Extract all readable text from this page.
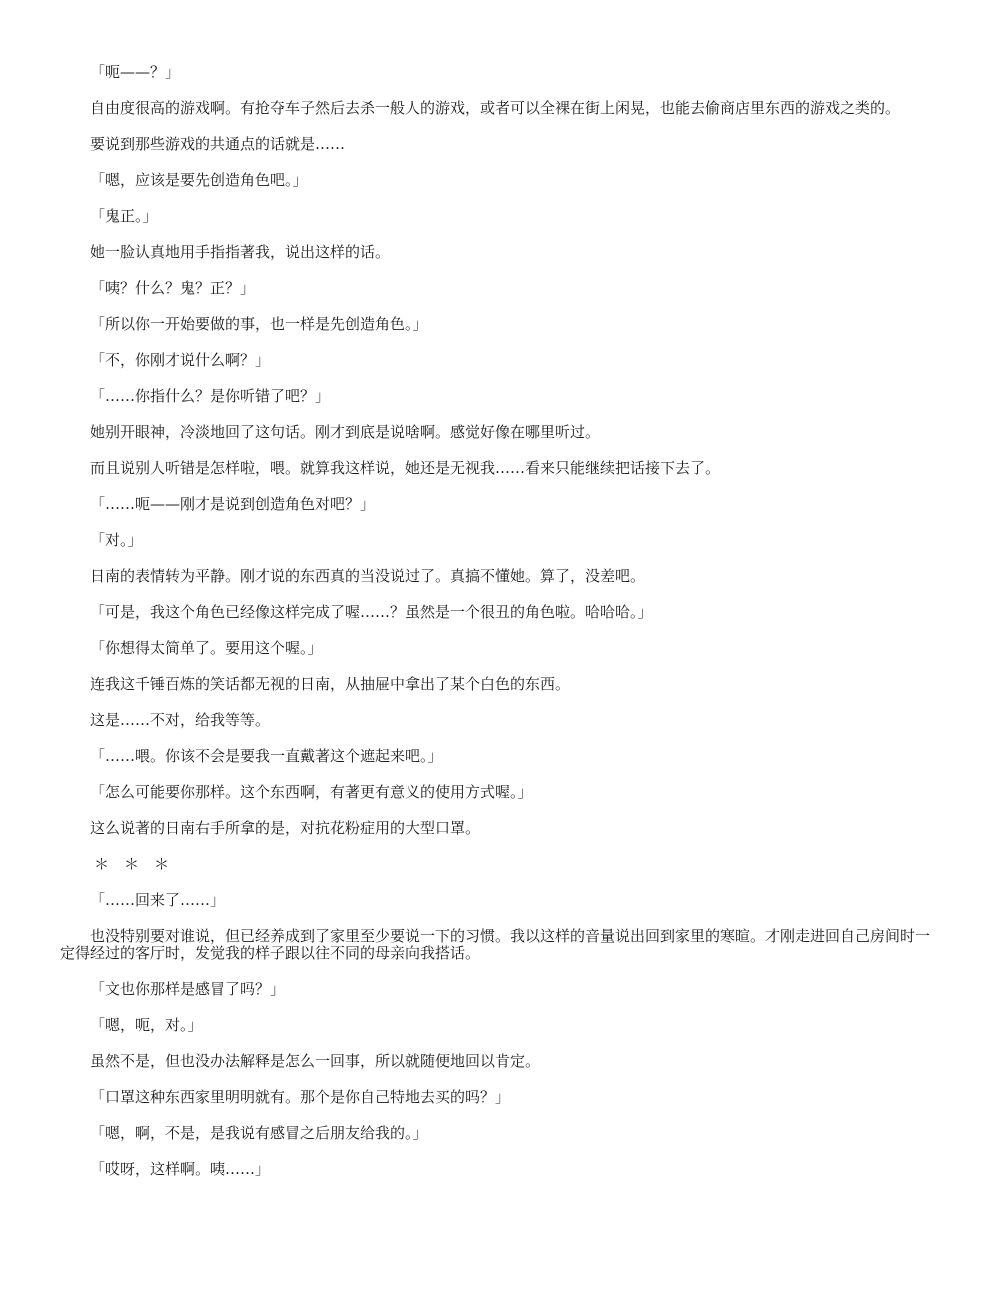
「呃——？」

自由度很高的游戏啊。有抢夺车子然后去杀一般人的游戏，或者可以全裸在街上闲晃，也能去偷商店里东西的游戏之类的。

要说到那些游戏的共通点的话就是……

「嗯，应该是要先创造角色吧。」

「鬼正。」

她一脸认真地用手指指著我，说出这样的话。

「咦？什么？鬼？正？」

「所以你一开始要做的事，也一样是先创造角色。」

「不，你刚才说什么啊？」

「……你指什么？是你听错了吧？」

她别开眼神，冷淡地回了这句话。刚才到底是说啥啊。感觉好像在哪里听过。

而且说别人听错是怎样啦，喂。就算我这样说，她还是无视我……看来只能继续把话接下去了。

「……呃——刚才是说到创造角色对吧？」

「对。」

日南的表情转为平静。刚才说的东西真的当没说过了。真搞不懂她。算了，没差吧。

「可是，我这个角色已经像这样完成了喔……？虽然是一个很丑的角色啦。哈哈哈。」

「你想得太简单了。要用这个喔。」

连我这千锤百炼的笑话都无视的日南，从抽屉中拿出了某个白色的东西。

这是……不对，给我等等。

「……喂。你该不会是要我一直戴著这个遮起来吧。」

「怎么可能要你那样。这个东西啊，有著更有意义的使用方式喔。」

这么说著的日南右手所拿的是，对抗花粉症用的大型口罩。

＊　＊　＊

「……回来了……」

也没特别要对谁说，但已经养成到了家里至少要说一下的习惯。我以这样的音量说出回到家里的寒暄。才刚走进回自己房间时一定得经过的客厅时，发觉我的样子跟以往不同的母亲向我搭话。

「文也你那样是感冒了吗？」

「嗯，呃，对。」

虽然不是，但也没办法解释是怎么一回事，所以就随便地回以肯定。

「口罩这种东西家里明明就有。那个是你自己特地去买的吗？」

「嗯，啊，不是，是我说有感冒之后朋友给我的。」

「哎呀，这样啊。咦……」
